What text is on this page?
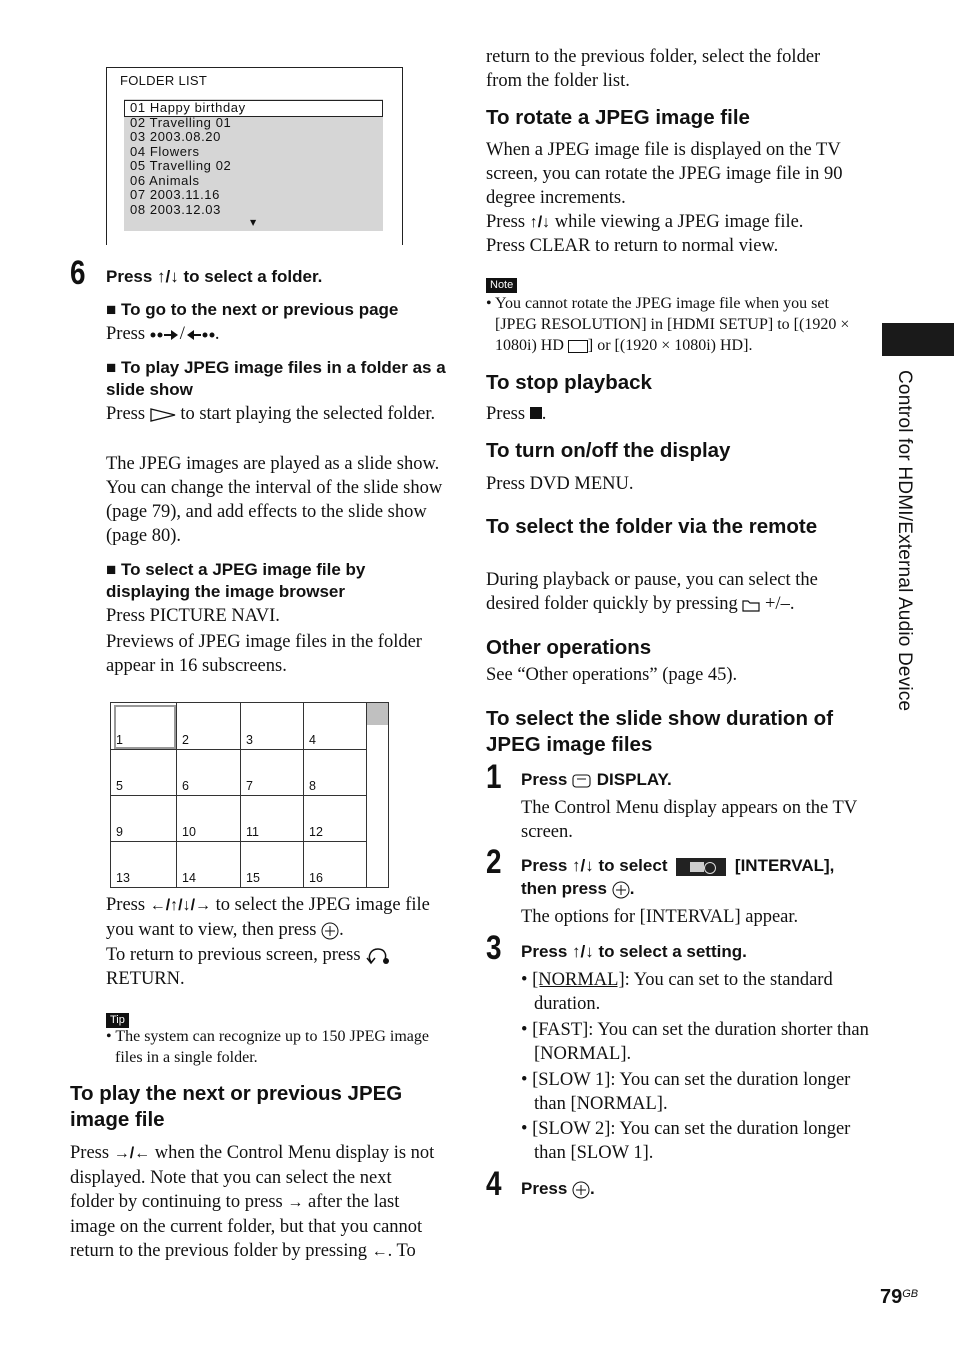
FOLDER LIST
01 Happy birthday
02 Travelling 01
03 2003.08.20
04 Flowers
05 Travelling 02
06 Animals
07 2003.11.16
08 2003.12.03
▼
6 Press ↑/↓ to select a folder.
■ To go to the next or previous page
Press / .
■ To play JPEG image files in a folder as a slide show
Press  to start playing the selected folder.
The JPEG images are played as a slide show. You can change the interval of the slide show (page 79), and add effects to the slide show (page 80).
■ To select a JPEG image file by displaying the image browser
Press PICTURE NAVI.
Previews of JPEG image files in the folder appear in 16 subscreens.
1	2	3	4
5	6	7	8
9	10	11	12
13	14	15	16
Press ←/↑/↓/→ to select the JPEG image file you want to view, then press .
To return to previous screen, press
RETURN.
Tip
• The system can recognize up to 150 JPEG image files in a single folder.
To play the next or previous JPEG image file
Press →/← when the Control Menu display is not displayed. Note that you can select the next folder by continuing to press → after the last image on the current folder, but that you cannot return to the previous folder by pressing ←. To
return to the previous folder, select the folder from the folder list.
To rotate a JPEG image file
When a JPEG image file is displayed on the TV screen, you can rotate the JPEG image file in 90 degree increments.
Press ↑/↓ while viewing a JPEG image file.
Press CLEAR to return to normal view.
Note
• You cannot rotate the JPEG image file when you set [JPEG RESOLUTION] in [HDMI SETUP] to [(1920 × 1080i) HD ] or [(1920 × 1080i) HD].
To stop playback
Press .
To turn on/off the display
Press DVD MENU.
To select the folder via the remote
During playback or pause, you can select the desired folder quickly by pressing  +/–.
Other operations
See “Other operations” (page 45).
To select the slide show duration of JPEG image files
1 Press  DISPLAY.
The Control Menu display appears on the TV screen.
2 Press ↑/↓ to select	[INTERVAL],
then press .
The options for [INTERVAL] appear.
3 Press ↑/↓ to select a setting.
• [NORMAL]: You can set to the standard duration.
• [FAST]: You can set the duration shorter than [NORMAL].
• [SLOW 1]: You can set the duration longer than [NORMAL].
• [SLOW 2]: You can set the duration longer than [SLOW 1].
4 Press .
Control for HDMI/External Audio Device
$79^{GB}$
